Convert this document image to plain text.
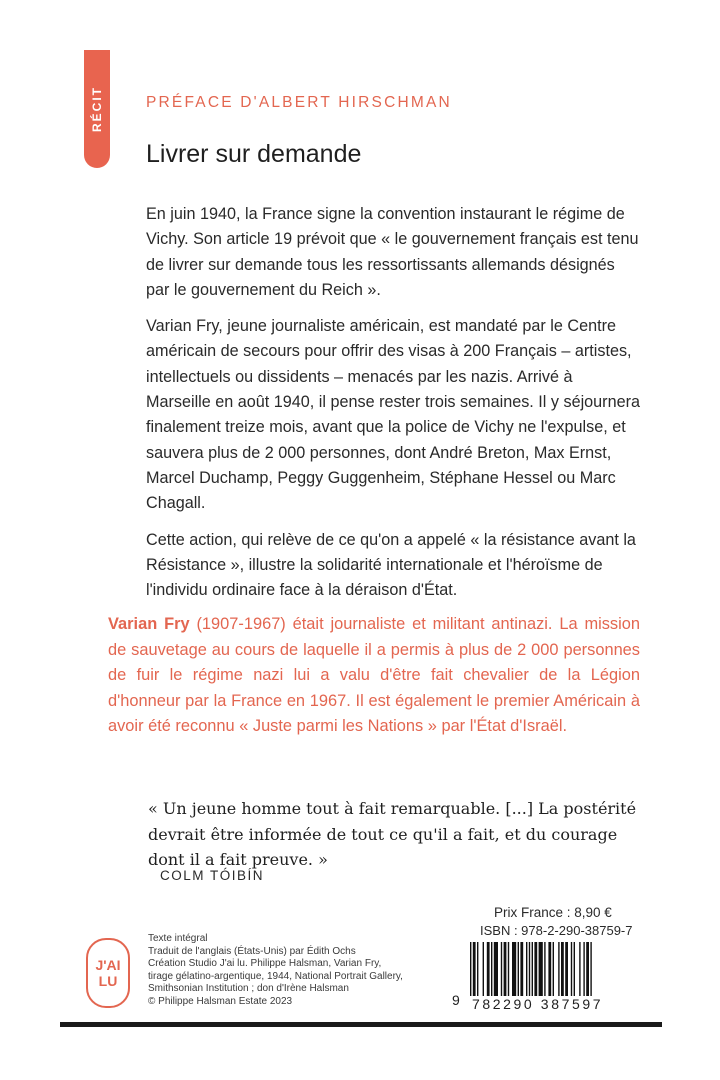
RÉCIT	PRÉFACE D'ALBERT HIRSCHMAN
Livrer sur demande

En juin 1940, la France signe la convention instaurant le régime de Vichy. Son article 19 prévoit que « le gouvernement français est tenu de livrer sur demande tous les ressortissants allemands désignés par le gouvernement du Reich ».

Varian Fry, jeune journaliste américain, est mandaté par le Centre américain de secours pour offrir des visas à 200 Français – artistes, intellectuels ou dissidents – menacés par les nazis. Arrivé à Marseille en août 1940, il pense rester trois semaines. Il y séjournera finalement treize mois, avant que la police de Vichy ne l'expulse, et sauvera plus de 2 000 personnes, dont André Breton, Max Ernst, Marcel Duchamp, Peggy Guggenheim, Stéphane Hessel ou Marc Chagall.

Cette action, qui relève de ce qu'on a appelé « la résistance avant la Résistance », illustre la solidarité internationale et l'héroïsme de l'individu ordinaire face à la déraison d'État.

Varian Fry (1907-1967) était journaliste et militant antinazi. La mission de sauvetage au cours de laquelle il a permis à plus de 2 000 personnes de fuir le régime nazi lui a valu d'être fait chevalier de la Légion d'honneur par la France en 1967. Il est également le premier Américain à avoir été reconnu « Juste parmi les Nations » par l'État d'Israël.
« Un jeune homme tout à fait remarquable. [...] La postérité devrait être informée de tout ce qu'il a fait, et du courage dont il a fait preuve. »
COLM TÓIBÍN
J'AI
LU
Texte intégral
Traduit de l'anglais (États-Unis) par Édith Ochs
Création Studio J'ai lu. Philippe Halsman, Varian Fry,
tirage gélatino-argentique, 1944, National Portrait Gallery,
Smithsonian Institution ; don d'Irène Halsman
© Philippe Halsman Estate 2023
Prix France : 8,90 €
ISBN : 978-2-290-38759-7
9 782290 387597
